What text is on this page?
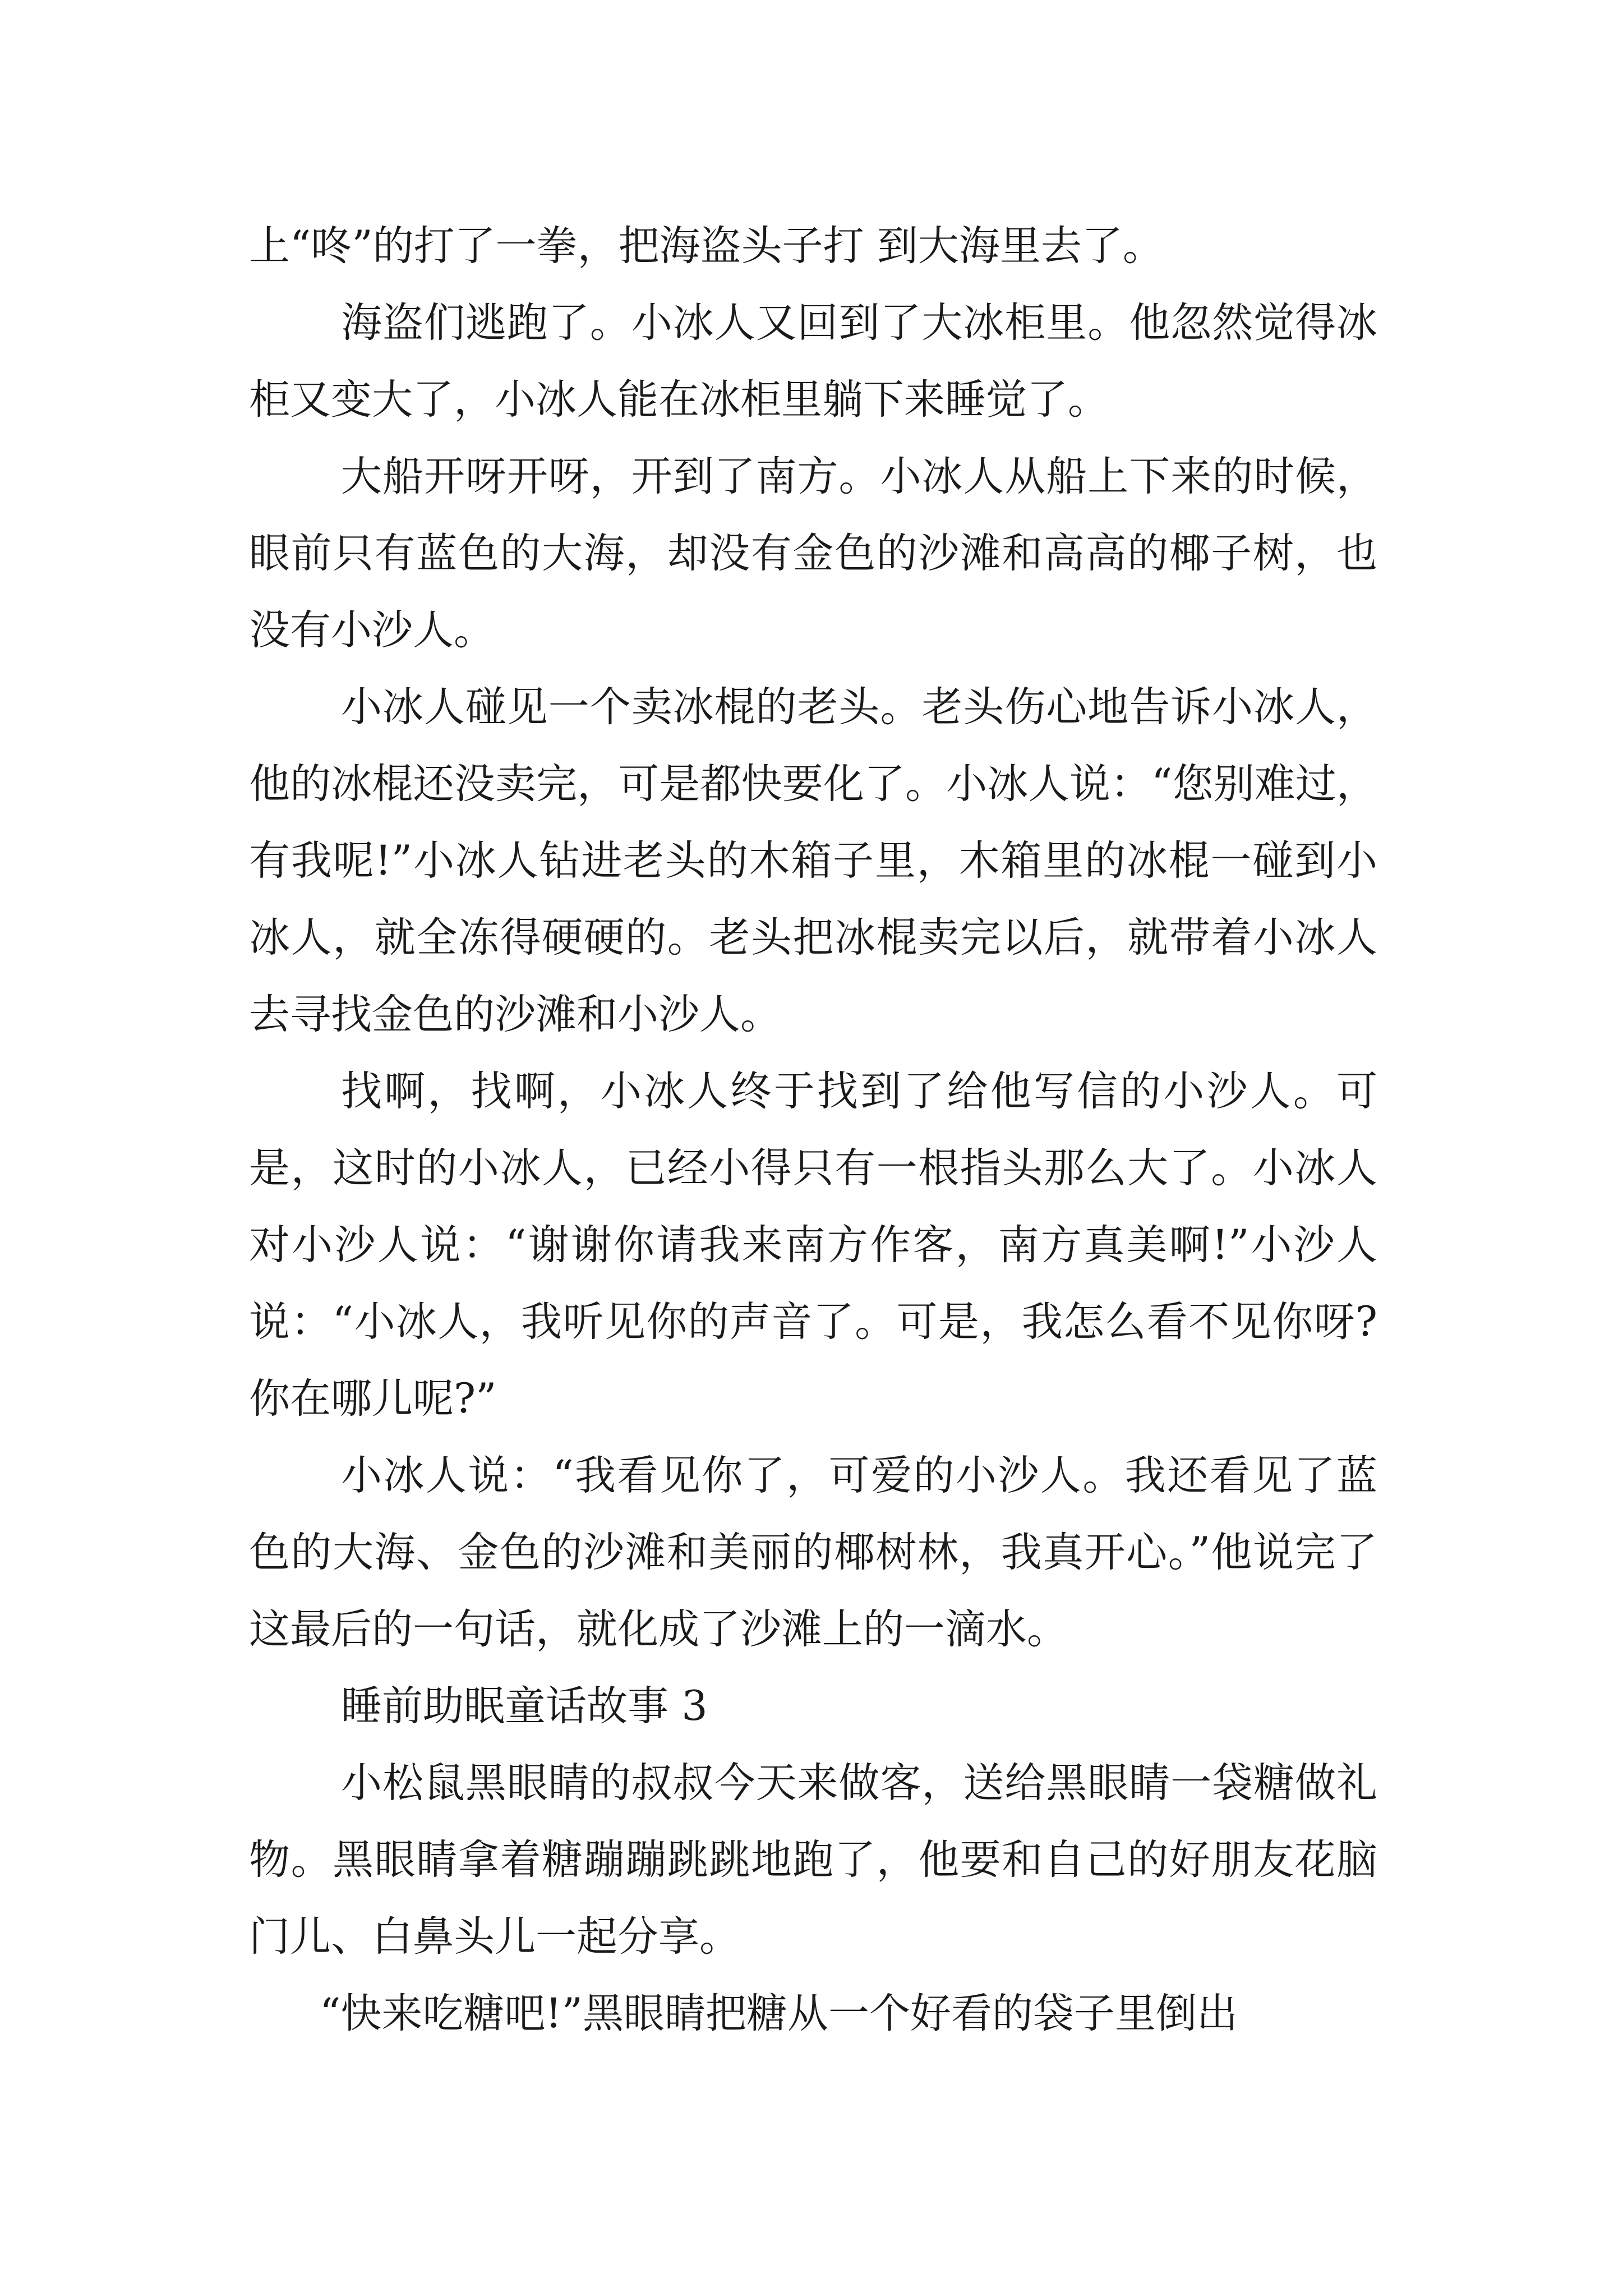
上“咚”的打了一拳，把海盗头子打 到大海里去了。

海盗们逃跑了。小冰人又回到了大冰柜里。他忽然觉得冰柜又变大了，小冰人能在冰柜里躺下来睡觉了。

大船开呀开呀，开到了南方。小冰人从船上下来的时候，眼前只有蓝色的大海，却没有金色的沙滩和高高的椰子树，也没有小沙人。

小冰人碰见一个卖冰棍的老头。老头伤心地告诉小冰人，他的冰棍还没卖完，可是都快要化了。小冰人说：“您别难过，有我呢!”小冰人钻进老头的木箱子里，木箱里的冰棍一碰到小冰人，就全冻得硬硬的。老头把冰棍卖完以后，就带着小冰人去寻找金色的沙滩和小沙人。

找啊，找啊，小冰人终于找到了给他写信的小沙人。可是，这时的小冰人，已经小得只有一根指头那么大了。小冰人对小沙人说：“谢谢你请我来南方作客，南方真美啊!”小沙人说：“小冰人，我听见你的声音了。可是，我怎么看不见你呀?你在哪儿呢?”

小冰人说：“我看见你了，可爱的小沙人。我还看见了蓝色的大海、金色的沙滩和美丽的椰树林，我真开心。”他说完了这最后的一句话，就化成了沙滩上的一滴水。

睡前助眠童话故事 3

小松鼠黑眼睛的叔叔今天来做客，送给黑眼睛一袋糖做礼物。黑眼睛拿着糖蹦蹦跳跳地跑了，他要和自己的好朋友花脑门儿、白鼻头儿一起分享。

“快来吃糖吧!”黑眼睛把糖从一个好看的袋子里倒出
